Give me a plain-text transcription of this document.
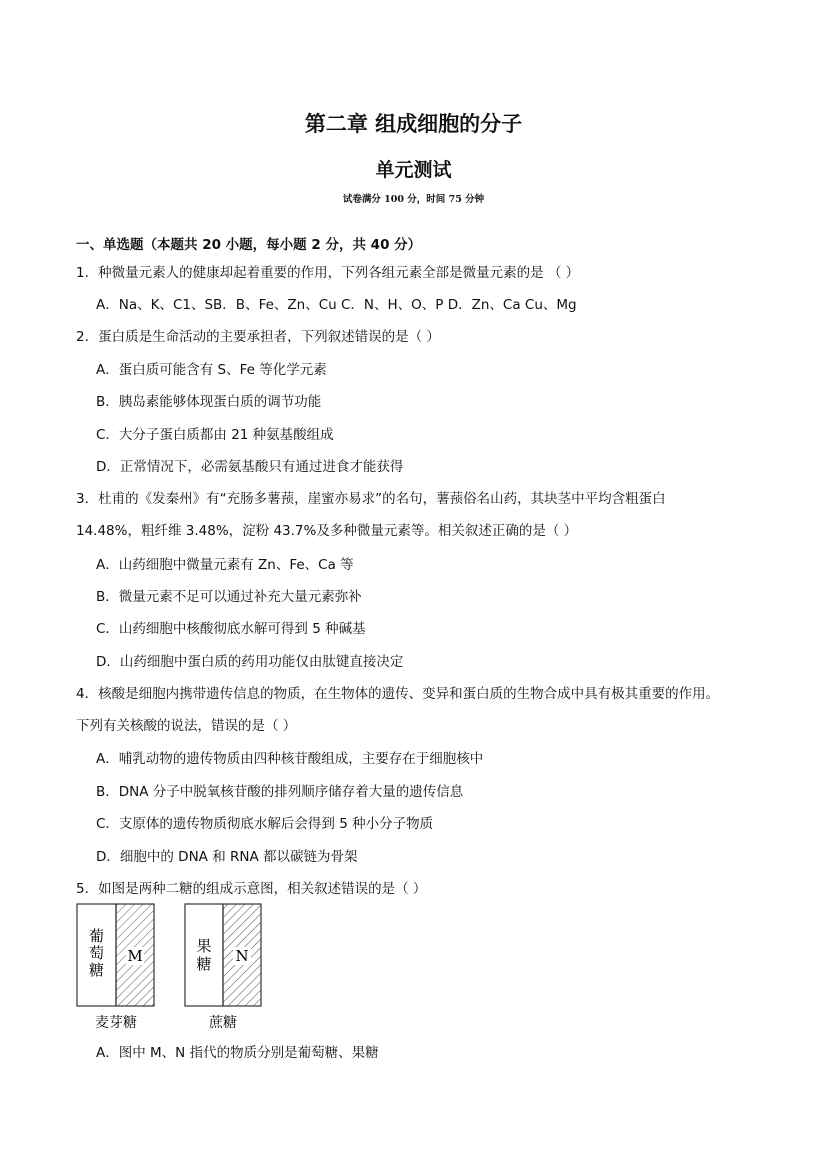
第二章 组成细胞的分子
单元测试
试卷满分 100 分，时间 75 分钟
一、单选题（本题共 20 小题，每小题 2 分，共 40 分）
1．种微量元素人的健康却起着重要的作用，下列各组元素全部是微量元素的是 （ ）
A．Na、K、C1、SB．B、Fe、Zn、Cu C．N、H、O、P D．Zn、Ca Cu、Mg
2．蛋白质是生命活动的主要承担者，下列叙述错误的是（ ）
A．蛋白质可能含有 S、Fe 等化学元素
B．胰岛素能够体现蛋白质的调节功能
C．大分子蛋白质都由 21 种氨基酸组成
D．正常情况下，必需氨基酸只有通过进食才能获得
3．杜甫的《发秦州》有“充肠多薯蓣，崖蜜亦易求”的名句，薯蓣俗名山药，其块茎中平均含粗蛋白
14.48%，粗纤维 3.48%，淀粉 43.7%及多种微量元素等。相关叙述正确的是（ ）
A．山药细胞中微量元素有 Zn、Fe、Ca 等
B．微量元素不足可以通过补充大量元素弥补
C．山药细胞中核酸彻底水解可得到 5 种碱基
D．山药细胞中蛋白质的药用功能仅由肽键直接决定
4．核酸是细胞内携带遗传信息的物质，在生物体的遗传、变异和蛋白质的生物合成中具有极其重要的作用。
下列有关核酸的说法，错误的是（ ）
A．哺乳动物的遗传物质由四种核苷酸组成，主要存在于细胞核中
B．DNA 分子中脱氧核苷酸的排列顺序储存着大量的遗传信息
C．支原体的遗传物质彻底水解后会得到 5 种小分子物质
D．细胞中的 DNA 和 RNA 都以碳链为骨架
5．如图是两种二糖的组成示意图，相关叙述错误的是（ ）
葡
萄
糖
M
麦芽糖
果
糖 N
蔗糖
A．图中 M、N 指代的物质分别是葡萄糖、果糖
